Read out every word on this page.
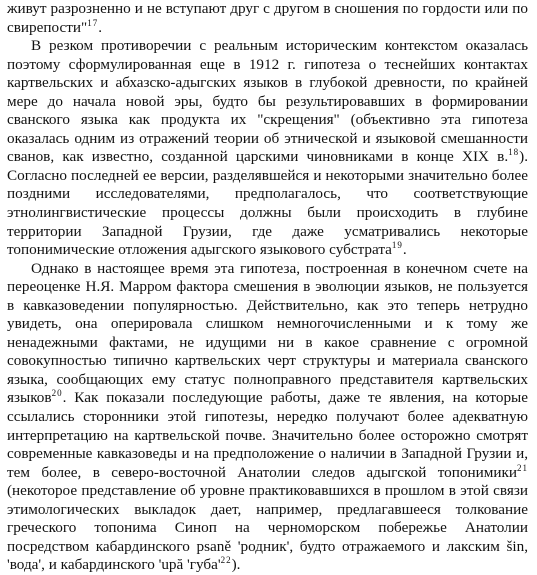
живут разрозненно и не вступают друг с другом в сношения по гордости или по свирепости"$^{17}$.

В резком противоречии с реальным историческим контекстом оказалась поэтому сформулированная еще в 1912 г. гипотеза о теснейших контактах картвельских и абхазско-адыгских языков в глубокой древности, по крайней мере до начала новой эры, будто бы результировавших в формировании сванского языка как продукта их "скрещения" (объективно эта гипотеза оказалась одним из отражений теории об этнической и языковой смешанности сванов, как известно, созданной царскими чиновниками в конце XIX в.$^{18}$). Согласно последней ее версии, разделявшейся и некоторыми значительно более поздними исследователями, предполагалось, что соответствующие этнолингвистические процессы должны были происходить в глубине территории Западной Грузии, где даже усматривались некоторые топонимические отложения адыгского языкового субстрата$^{19}$.

Однако в настоящее время эта гипотеза, построенная в конечном счете на переоценке Н.Я. Марром фактора смешения в эволюции языков, не пользуется в кавказоведении популярностью. Действительно, как это теперь нетрудно увидеть, она оперировала слишком немногочисленными и к тому же ненадежными фактами, не идущими ни в какое сравнение с огромной совокупностью типично картвельских черт структуры и материала сванского языка, сообщающих ему статус полноправного представителя картвельских языков$^{20}$. Как показали последующие работы, даже те явления, на которые ссылались сторонники этой гипотезы, нередко получают более адекватную интерпретацию на картвельской почве. Значительно более осторожно смотрят современные кавказоведы и на предположение о наличии в Западной Грузии и, тем более, в северо-восточной Анатолии следов адыгской топонимики$^{21}$ (некоторое представление об уровне практиковавшихся в прошлом в этой связи этимологических выкладок дает, например, предлагавшееся толкование греческого топонима Синоп на черноморском побережье Анатолии посредством кабардинского psaně 'родник', будто отражаемого и лакским šin, 'вода', и кабардинского 'upă 'губа'$^{22}$).
